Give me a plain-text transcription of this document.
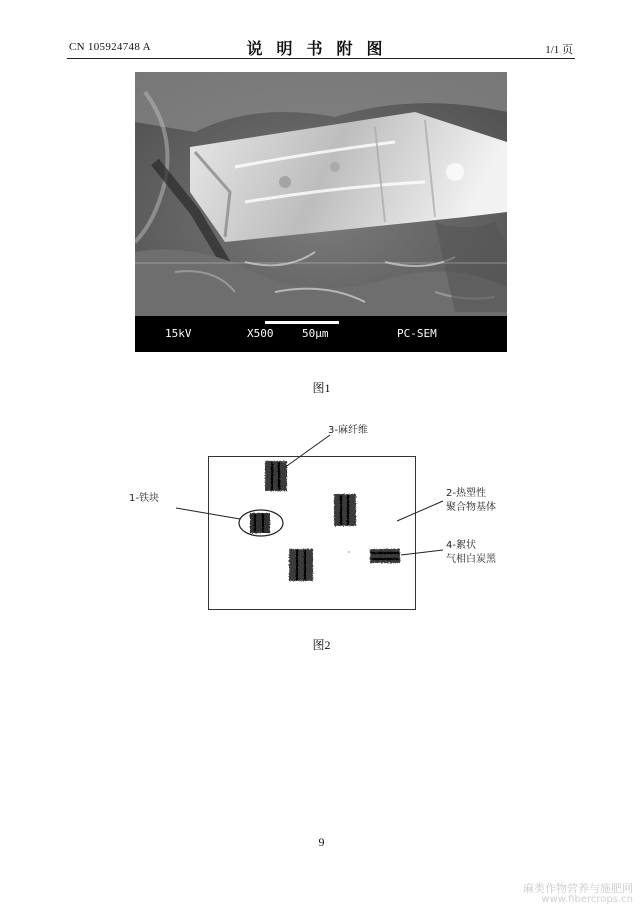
CN 105924748 A	说明书附图	1/1 页
15kV	X500	50μm	PC-SEM
图1
3-麻纤维
1-铁块	2-热塑性
聚合物基体
4-絮状
气相白炭黑
图2
9
麻类作物营养与施肥网
www.fibercrops.cn
